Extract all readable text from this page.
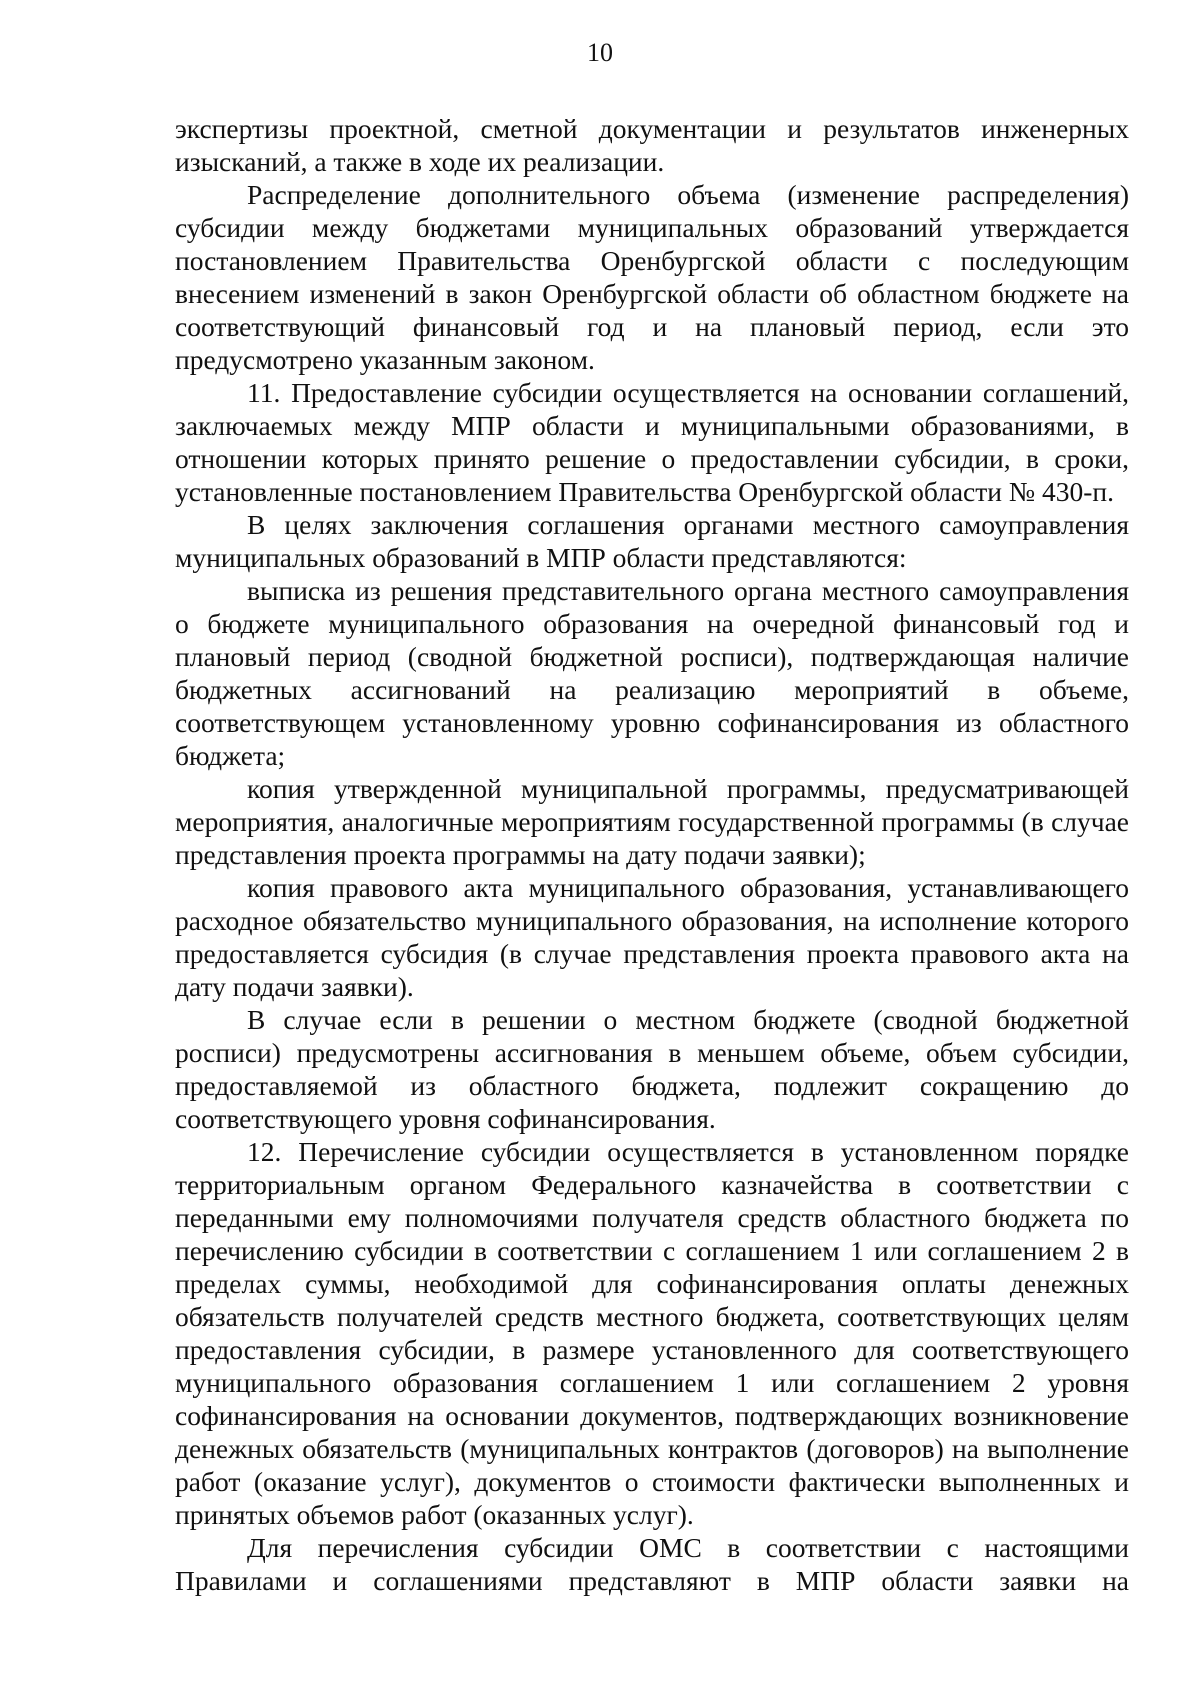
10

экспертизы проектной, сметной документации и результатов инженерных изысканий, а также в ходе их реализации.

Распределение дополнительного объема (изменение распределения) субсидии между бюджетами муниципальных образований утверждается постановлением Правительства Оренбургской области с последующим внесением изменений в закон Оренбургской области об областном бюджете на соответствующий финансовый год и на плановый период, если это предусмотрено указанным законом.

11. Предоставление субсидии осуществляется на основании соглашений, заключаемых между МПР области и муниципальными образованиями, в отношении которых принято решение о предоставлении субсидии, в сроки, установленные постановлением Правительства Оренбургской области № 430-п.

В целях заключения соглашения органами местного самоуправления муниципальных образований в МПР области представляются:

выписка из решения представительного органа местного самоуправления о бюджете муниципального образования на очередной финансовый год и плановый период (сводной бюджетной росписи), подтверждающая наличие бюджетных ассигнований на реализацию мероприятий в объеме, соответствующем установленному уровню софинансирования из областного бюджета;

копия утвержденной муниципальной программы, предусматривающей мероприятия, аналогичные мероприятиям государственной программы (в случае представления проекта программы на дату подачи заявки);

копия правового акта муниципального образования, устанавливающего расходное обязательство муниципального образования, на исполнение которого предоставляется субсидия (в случае представления проекта правового акта на дату подачи заявки).

В случае если в решении о местном бюджете (сводной бюджетной росписи) предусмотрены ассигнования в меньшем объеме, объем субсидии, предоставляемой из областного бюджета, подлежит сокращению до соответствующего уровня софинансирования.

12. Перечисление субсидии осуществляется в установленном порядке территориальным органом Федерального казначейства в соответствии с переданными ему полномочиями получателя средств областного бюджета по перечислению субсидии в соответствии с соглашением 1 или соглашением 2 в пределах суммы, необходимой для софинансирования оплаты денежных обязательств получателей средств местного бюджета, соответствующих целям предоставления субсидии, в размере установленного для соответствующего муниципального образования соглашением 1 или соглашением 2 уровня софинансирования на основании документов, подтверждающих возникновение денежных обязательств (муниципальных контрактов (договоров) на выполнение работ (оказание услуг), документов о стоимости фактически выполненных и принятых объемов работ (оказанных услуг).

Для перечисления субсидии ОМС в соответствии с настоящими Правилами и соглашениями представляют в МПР области заявки на
